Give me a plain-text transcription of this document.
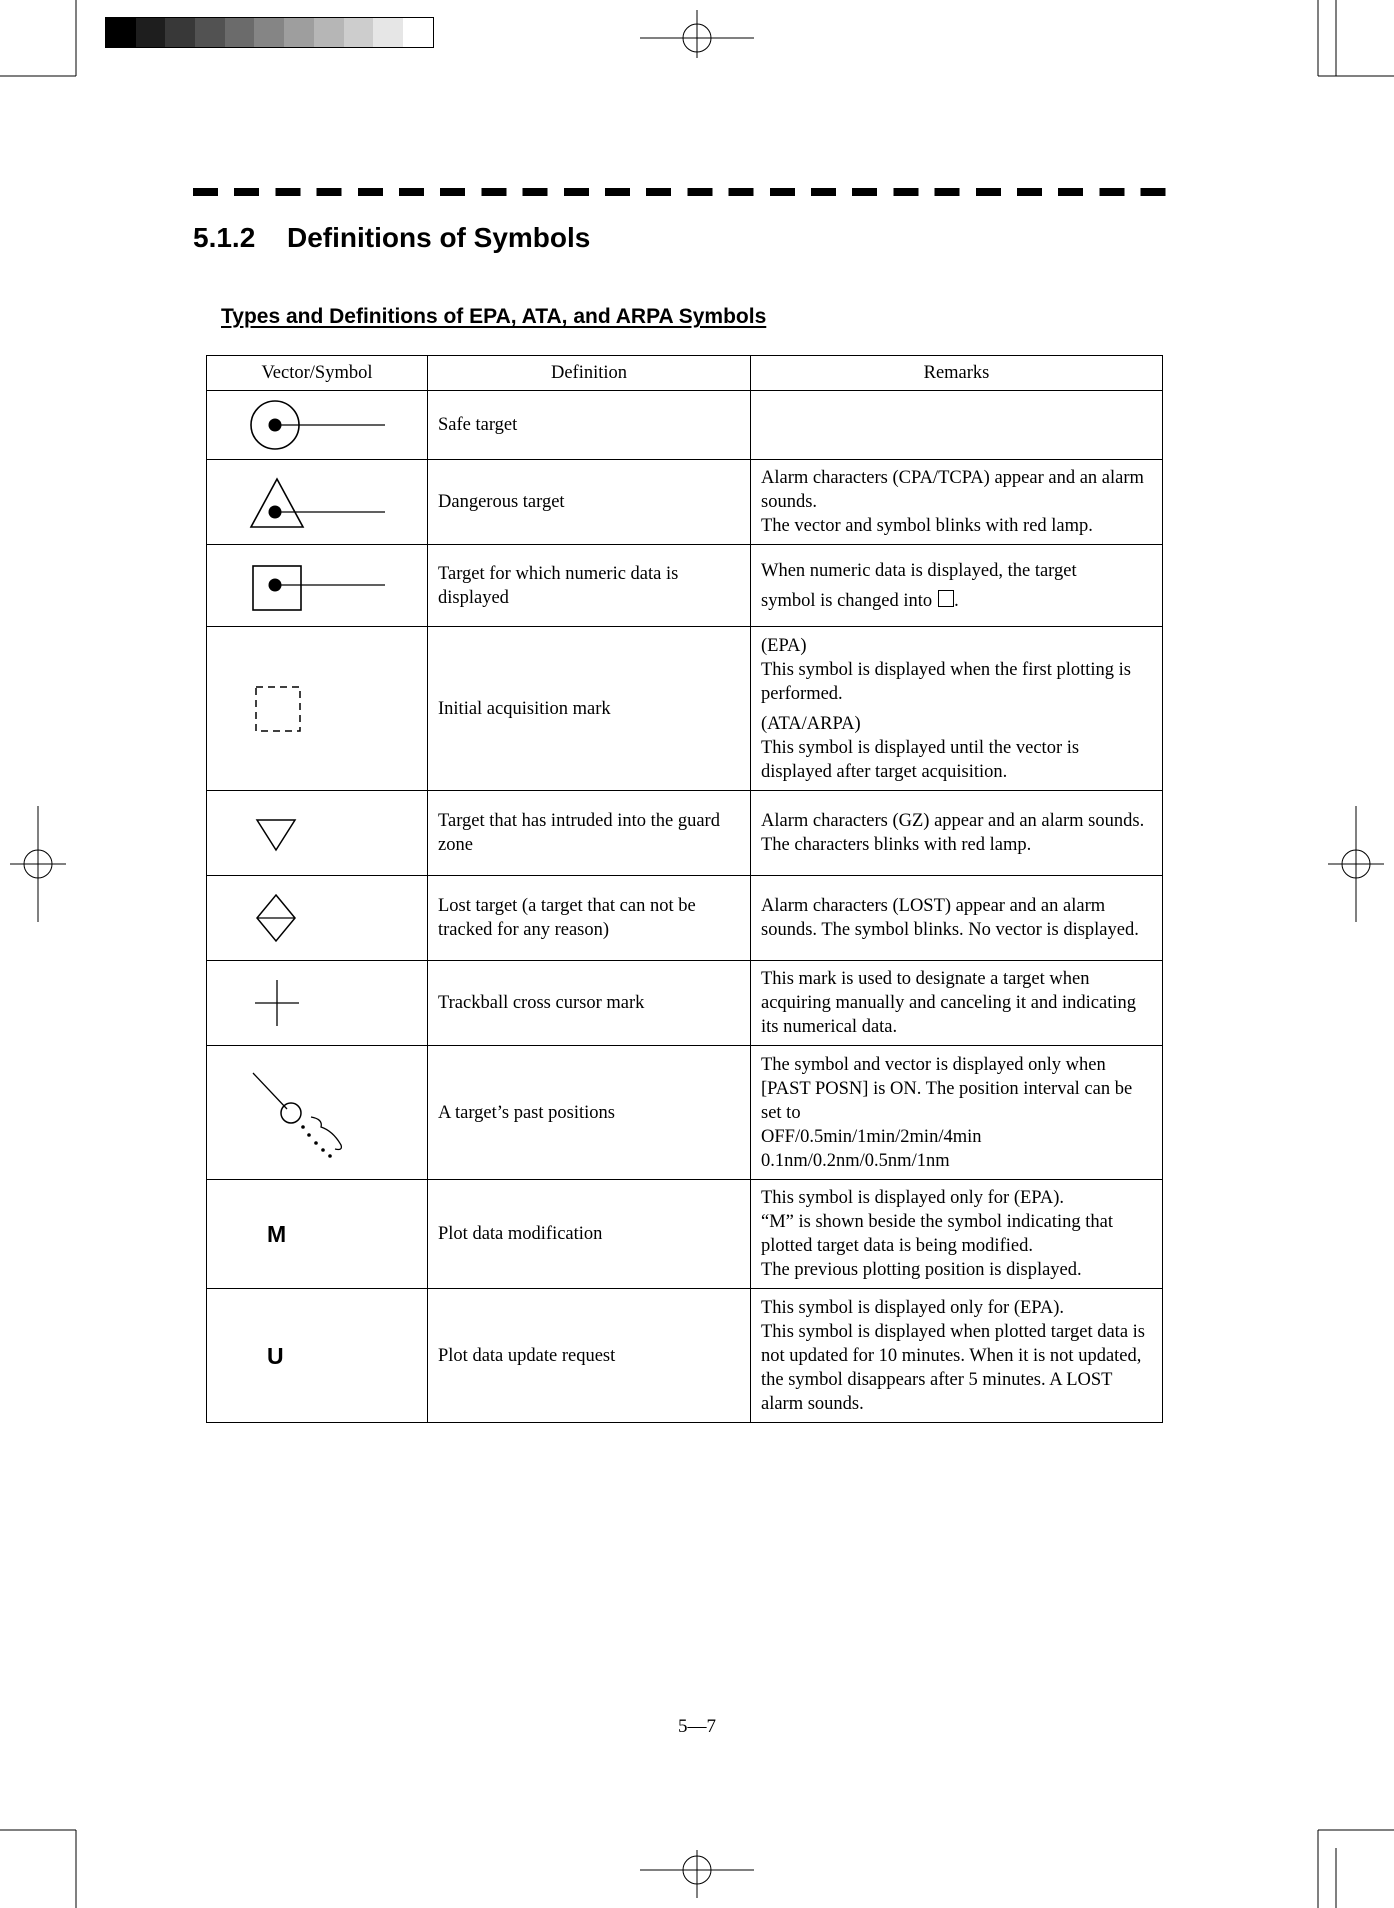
5.1.2 Definitions of Symbols
Types and Definitions of EPA, ATA, and ARPA Symbols
Vector/Symbol	Definition	Remarks

	Safe target	

	Dangerous target	Alarm characters (CPA/TCPA) appear and an alarm sounds.

The vector and symbol blinks with red lamp.

	Target for which numeric data is displayed	When numeric data is displayed, the target

symbol is changed into .

	Initial acquisition mark	(EPA)

This symbol is displayed when the first plotting is performed.

(ATA/ARPA)

This symbol is displayed until the vector is displayed after target acquisition.

	Target that has intruded into the guard zone	Alarm characters (GZ) appear and an alarm sounds.

The characters blinks with red lamp.

	Lost target (a target that can not be tracked for any reason)	Alarm characters (LOST) appear and an alarm sounds. The symbol blinks. No vector is displayed.

	Trackball cross cursor mark	This mark is used to designate a target when acquiring manually and canceling it and indicating its numerical data.

	A target’s past positions	The symbol and vector is displayed only when [PAST POSN] is ON. The position interval can be set to

OFF/0.5min/1min/2min/4min

0.1nm/0.2nm/0.5nm/1nm

M	Plot data modification	This symbol is displayed only for (EPA).

“M” is shown beside the symbol indicating that plotted target data is being modified.

The previous plotting position is displayed.

U	Plot data update request	This symbol is displayed only for (EPA).

This symbol is displayed when plotted target data is not updated for 10 minutes. When it is not updated, the symbol disappears after 5 minutes. A LOST alarm sounds.

5—7
